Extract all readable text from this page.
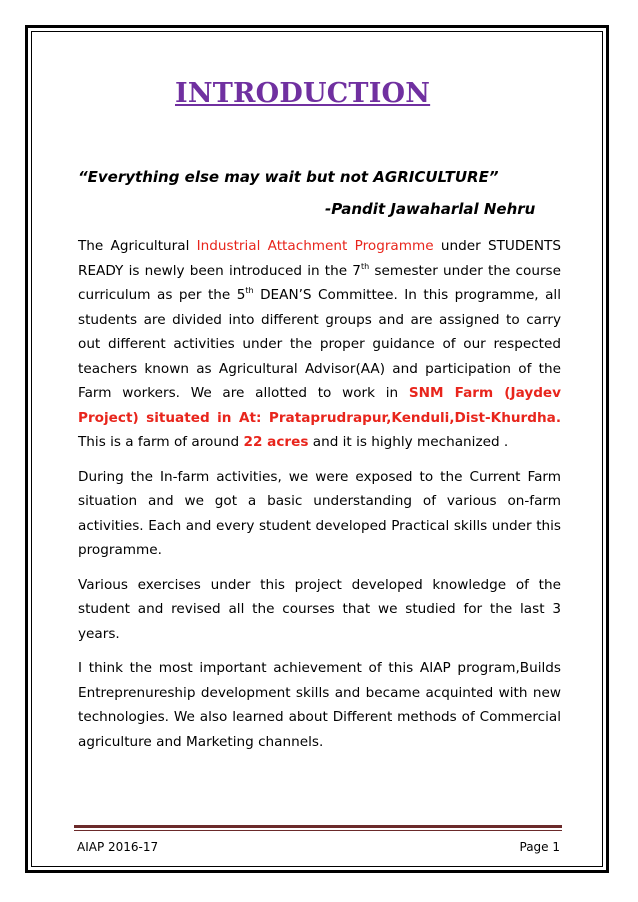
INTRODUCTION

“Everything else may wait but not AGRICULTURE”

-Pandit Jawaharlal Nehru

The Agricultural Industrial Attachment Programme under STUDENTS READY is newly been introduced in the 7th semester under the course curriculum as per the 5th DEAN’S Committee. In this programme, all students are divided into different groups and are assigned to carry out different activities under the proper guidance of our respected teachers known as Agricultural Advisor(AA) and participation of the Farm workers. We are allotted to work in SNM Farm (Jaydev Project) situated in At: Prataprudrapur,Kenduli,Dist-Khurdha. This is a farm of around 22 acres and it is highly mechanized .

During the In-farm activities, we were exposed to the Current Farm situation and we got a basic understanding of various on-farm activities. Each and every student developed Practical skills under this programme.

Various exercises under this project developed knowledge of the student and revised all the courses that we studied for the last 3 years.

I think the most important achievement of this AIAP program,Builds Entreprenureship development skills and became acquinted with new technologies. We also learned about Different methods of Commercial agriculture and Marketing channels.

AIAP 2016-17	Page 1
